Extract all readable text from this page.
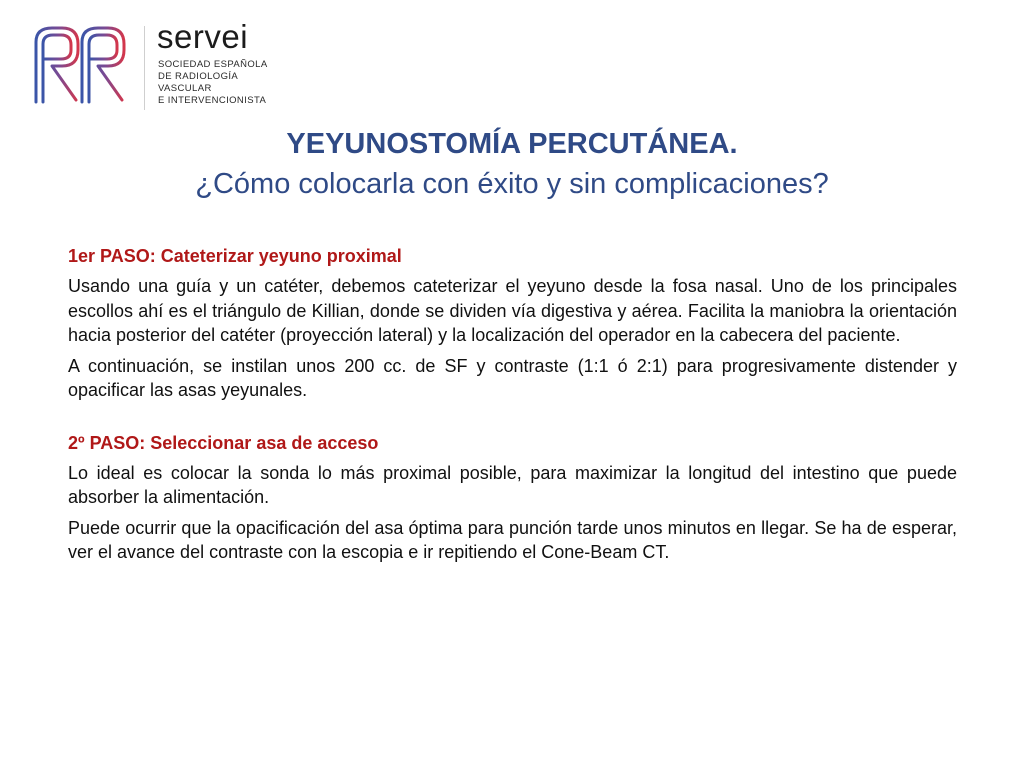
servei
SOCIEDAD ESPAÑOLA
DE RADIOLOGÍA
VASCULAR
E INTERVENCIONISTA
YEYUNOSTOMÍA PERCUTÁNEA.
¿Cómo colocarla con éxito y sin complicaciones?
1er PASO: Cateterizar yeyuno proximal

Usando una guía y un catéter, debemos cateterizar el yeyuno desde la fosa nasal. Uno de los principales escollos ahí es el triángulo de Killian, donde se dividen vía digestiva y aérea. Facilita la maniobra la orientación hacia posterior del catéter (proyección lateral) y la localización del operador en la cabecera del paciente.

A continuación, se instilan unos 200 cc. de SF y contraste (1:1 ó 2:1) para progresivamente distender y opacificar las asas yeyunales.

2º PASO: Seleccionar asa de acceso

Lo ideal es colocar la sonda lo más proximal posible, para maximizar la longitud del intestino que puede absorber la alimentación.

Puede ocurrir que la opacificación del asa óptima para punción tarde unos minutos en llegar. Se ha de esperar, ver el avance del contraste con la escopia e ir repitiendo el Cone-Beam CT.
